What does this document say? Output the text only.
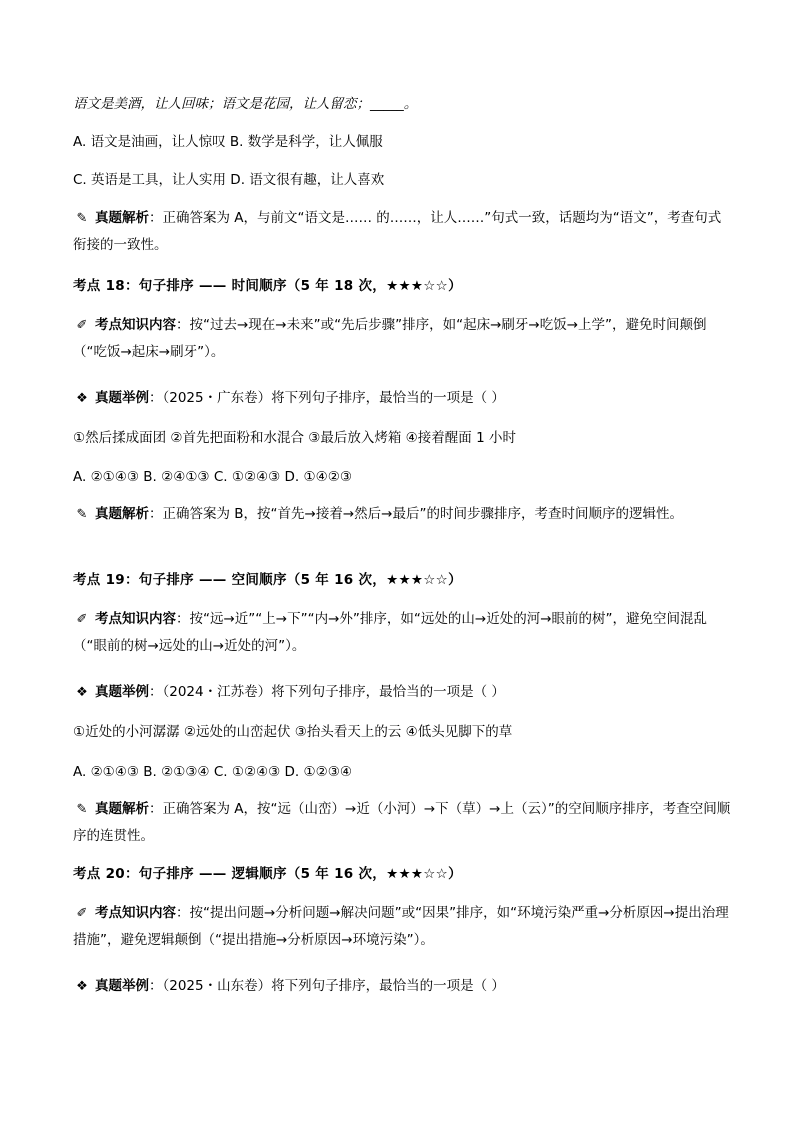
语文是美酒，让人回味；语文是花园，让人留恋；_____。
A. 语文是油画，让人惊叹 B. 数学是科学，让人佩服
C. 英语是工具，让人实用 D. 语文很有趣，让人喜欢
✎ 真题解析：正确答案为 A，与前文“语文是…… 的……，让人……”句式一致，话题均为“语文”，考查句式衔接的一致性。
考点 18：句子排序 —— 时间顺序（5 年 18 次，★★★☆☆）
✐ 考点知识内容：按“过去→现在→未来”或“先后步骤”排序，如“起床→刷牙→吃饭→上学”，避免时间颠倒（“吃饭→起床→刷牙”）。
❖ 真题举例：（2025・广东卷）将下列句子排序，最恰当的一项是（ ）
①然后揉成面团 ②首先把面粉和水混合 ③最后放入烤箱 ④接着醒面 1 小时
A. ②①④③ B. ②④①③ C. ①②④③ D. ①④②③
✎ 真题解析：正确答案为 B，按“首先→接着→然后→最后”的时间步骤排序，考查时间顺序的逻辑性。
考点 19：句子排序 —— 空间顺序（5 年 16 次，★★★☆☆）
✐ 考点知识内容：按“远→近”“上→下”“内→外”排序，如“远处的山→近处的河→眼前的树”，避免空间混乱（“眼前的树→远处的山→近处的河”）。
❖ 真题举例：（2024・江苏卷）将下列句子排序，最恰当的一项是（ ）
①近处的小河潺潺 ②远处的山峦起伏 ③抬头看天上的云 ④低头见脚下的草
A. ②①④③ B. ②①③④ C. ①②④③ D. ①②③④
✎ 真题解析：正确答案为 A，按“远（山峦）→近（小河）→下（草）→上（云）”的空间顺序排序，考查空间顺序的连贯性。
考点 20：句子排序 —— 逻辑顺序（5 年 16 次，★★★☆☆）
✐ 考点知识内容：按“提出问题→分析问题→解决问题”或“因果”排序，如“环境污染严重→分析原因→提出治理措施”，避免逻辑颠倒（“提出措施→分析原因→环境污染”）。
❖ 真题举例：（2025・山东卷）将下列句子排序，最恰当的一项是（ ）
